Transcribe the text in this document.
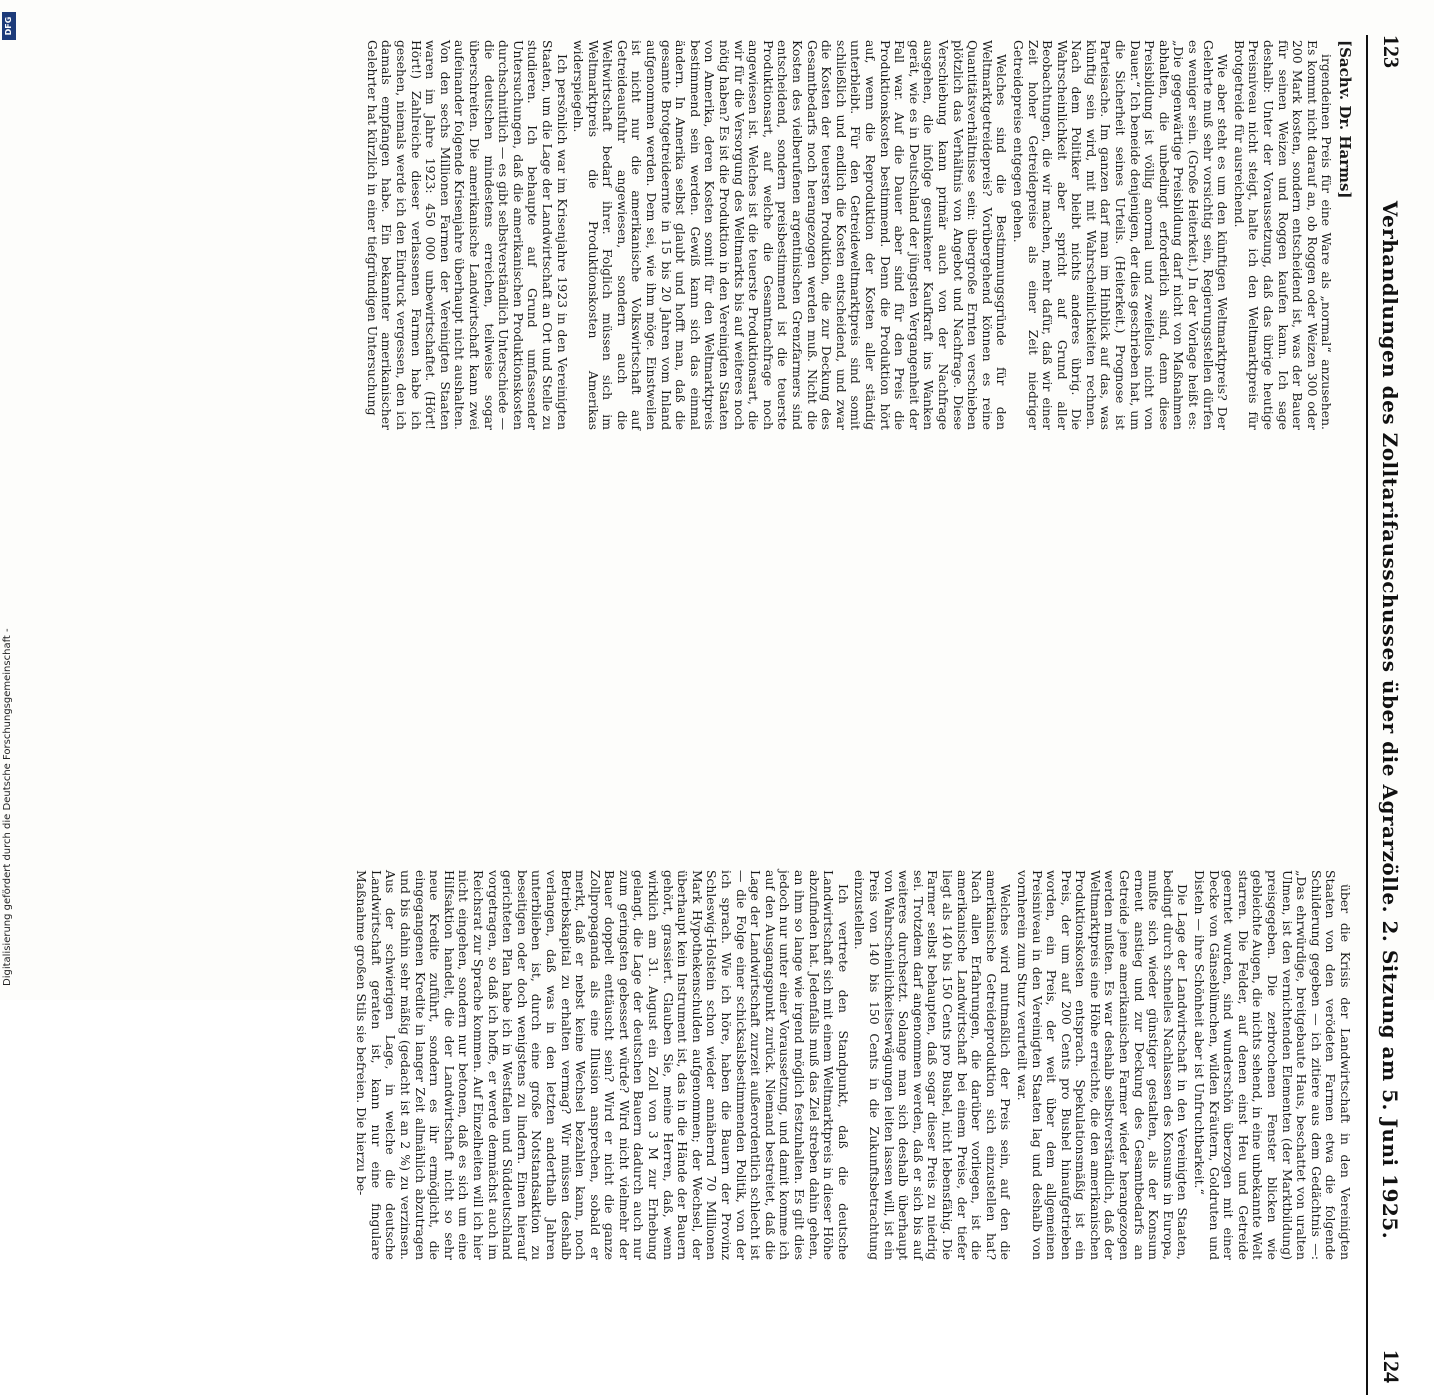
123
Verhandlungen des Zolltarifausschusses über die Agrarzölle. 2. Sitzung am 5. Juni 1925.
124
[Sachv. Dr. Harms]

irgendeinen Preis für eine Ware als „normal“ anzusehen. Es kommt nicht darauf an, ob Roggen oder Weizen 300 oder 200 Mark kosten, sondern entscheidend ist, was der Bauer für seinen Weizen und Roggen kaufen kann. Ich sage deshalb: Unter der Voraussetzung, daß das übrige heutige Preisniveau nicht steigt, halte ich den Weltmarktpreis für Brotgetreide für ausreichend.

Wie aber steht es um den künftigen Weltmarktpreis? Der Gelehrte muß sehr vorsichtig sein, Regierungsstellen dürfen es weniger sein. (Große Heiterkeit.) In der Vorlage heißt es: „Die gegenwärtige Preisbildung darf nicht von Maßnahmen abhalten, die unbedingt erforderlich sind, denn diese Preisbildung ist völlig anormal und zweifellos nicht von Dauer.“ Ich beneide denjenigen, der dies geschrieben hat, um die Sicherheit seines Urteils. (Heiterkeit.) Prognose ist Parteisache. Im ganzen darf man im Hinblick auf das, was künftig sein wird, mit mit Wahrscheinlichkeiten rechnen. Nach dem Politiker bleibt nichts anderes übrig. Die Wahrscheinlichkeit aber spricht auf Grund aller Beobachtungen, die wir machen, mehr dafür, daß wir einer Zeit hoher Getreidepreise als einer Zeit niedriger Getreidepreise entgegen gehen.

Welches sind die Bestimmungsgründe für den Weltmarktgetreidepreis? Vorübergehend können es reine Quantitätsverhältnisse sein: übergroße Ernten verschieben plötzlich das Verhältnis von Angebot und Nachfrage. Diese Verschiebung kann primär auch von der Nachfrage ausgehen, die infolge gesunkener Kaufkraft ins Wanken gerät, wie es in Deutschland der jüngsten Vergangenheit der Fall war. Auf die Dauer aber sind für den Preis die Produktionskosten bestimmend. Denn die Produktion hört auf, wenn die Reproduktion der Kosten aller ständig unterbleibt. Für den Getreideweltmarktpreis sind somit schließlich und endlich die Kosten entscheidend, und zwar die Kosten der teuersten Produktion, die zur Deckung des Gesamtbedarfs noch herangezogen werden muß. Nicht die Kosten des vielberufenen argentinischen Grenzfarmers sind entscheidend, sondern preisbestimmend ist die teuerste Produktionsart, auf welche die Gesamtnachfrage noch angewiesen ist. Welches ist die teuerste Produktionsart, die wir für die Versorgung des Weltmarkts bis auf weiteres noch nötig haben? Es ist die Produktion in den Vereinigten Staaten von Amerika, deren Kosten somit für den Weltmarktpreis bestimmend sein werden. Gewiß kann sich das einmal ändern. In Amerika selbst glaubt und hofft man, daß die gesamte Brotgetreideernte in 15 bis 20 Jahren vom Inland aufgenommen werden. Dem sei, wie ihm möge. Einstweilen ist nicht nur die amerikanische Volkswirtschaft auf Getreideausfuhr angewiesen, sondern auch die Weltwirtschaft bedarf ihrer. Folglich müssen sich im Weltmarktpreis die Produktionskosten Amerikas widerspiegeln.

Ich persönlich war im Krisenjahre 1923 in den Vereinigten Staaten, um die Lage der Landwirtschaft an Ort und Stelle zu studieren. Ich behaupte auf Grund umfassender Untersuchungen, daß die amerikanischen Produktionskosten durchschnittlich — es gibt selbstverständlich Unterschiede — die deutschen mindestens erreichen, teilweise sogar überschreiten. Die amerikanische Landwirtschaft kann zwei aufeinander folgende Krisenjahre überhaupt nicht aushalten. Von den sechs Millionen Farmen der Vereinigten Staaten waren im Jahre 1923: 450 000 unbewirtschaftet. (Hört! Hört!) Zahlreiche dieser verlassenen Farmen habe ich gesehen, niemals werde ich den Eindruck vergessen, den ich damals empfangen habe. Ein bekannter amerikanischer Gelehrter hat kürzlich in einer tiefgründigen Untersuchung

über die Krisis der Landwirtschaft in den Vereinigten Staaten von den verödeten Farmen etwa die folgende Schilderung gegeben — ich zitiere aus dem Gedächtnis —: „Das ehrwürdige, breitgebaute Haus, beschattet von uralten Ulmen, ist den vernichtenden Elementen (der Marktbildung) preisgegeben. Die zerbrochenen Fenster blicken wie gebleichte Augen, die nichts sehend, in eine unbekannte Welt starren. Die Felder, auf denen einst Heu und Getreide geerntet wurden, sind wunderschön überzogen mit einer Decke von Gänseblümchen, wilden Kräutern, Goldruten und Disteln — ihre Schönheit aber ist Unfruchtbarkeit.“

Die Lage der Landwirtschaft in den Vereinigten Staaten, bedingt durch schnelles Nachlassen des Konsums in Europa, mußte sich wieder günstiger gestalten, als der Konsum erneut anstieg und zur Deckung des Gesamtbedarfs an Getreide jene amerikanischen Farmer wieder herangezogen werden mußten. Es war deshalb selbstverständlich, daß der Weltmarktpreis eine Höhe erreichte, die den amerikanischen Produktionskosten entsprach. Spekulationsmäßig ist ein Preis, der um auf 200 Cents pro Bushel hinaufgetrieben worden, ein Preis, der weit über dem allgemeinen Preisniveau in den Vereinigten Staaten lag und deshalb von vornherein zum Sturz verurteilt war.

Welches wird mutmaßlich der Preis sein, auf den die amerikanische Getreideproduktion sich einzustellen hat? Nach allen Erfahrungen, die darüber vorliegen, ist die amerikanische Landwirtschaft bei einem Preise, der tiefer liegt als 140 bis 150 Cents pro Bushel, nicht lebensfähig. Die Farmer selbst behaupten, daß sogar dieser Preis zu niedrig sei. Trotzdem darf angenommen werden, daß er sich bis auf weiteres durchsetzt. Solange man sich deshalb überhaupt von Wahrscheinlichkeitserwägungen leiten lassen will, ist ein Preis von 140 bis 150 Cents in die Zukunftsbetrachtung einzustellen.

Ich vertrete den Standpunkt, daß die deutsche Landwirtschaft sich mit einem Weltmarktpreis in dieser Höhe abzufinden hat. Jedenfalls muß das Ziel streben dahin gehen, an ihm so lange wie irgend möglich festzuhalten. Es gilt dies jedoch nur unter einer Voraussetzung, und damit komme ich auf den Ausgangspunkt zurück. Niemand bestreitet, daß die Lage der Landwirtschaft zurzeit außerordentlich schlecht ist — die Folge einer schicksalsbestimmenden Politik, von der ich sprach. Wie ich höre, haben die Bauern der Provinz Schleswig-Holstein schon wieder annähernd 70 Millionen Mark Hypothekenschulden aufgenommen; der Wechsel, der überhaupt kein Instrument ist, das in die Hände der Bauern gehört, grassiert. Glauben Sie, meine Herren, daß, wenn wirklich am 31. August ein Zoll von 3 M zur Erhebung gelangt, die Lage der deutschen Bauern dadurch auch nur zum geringsten gebessert würde? Wird nicht vielmehr der Bauer doppelt enttäuscht sein? Wird er nicht die ganze Zollpropaganda als eine Illusion ansprechen, sobald er merkt, daß er nebst keine Wechsel bezahlen kann, noch Betriebskapital zu erhalten vermag? Wir müssen deshalb verlangen, daß was in den letzten anderthalb Jahren unterblieben ist, durch eine große Notstandsaktion zu beseitigen oder doch wenigstens zu lindern. Einen hierauf gerichteten Plan habe ich in Westfalen und Süddeutschland vorgetragen, so daß ich hoffe, er werde demnächst auch im Reichsrat zur Sprache kommen. Auf Einzelheiten will ich hier nicht eingehen, sondern nur betonen, daß es sich um eine Hilfsaktion handelt, die der Landwirtschaft nicht so sehr neue Kredite zuführt, sondern es ihr ermöglicht, die eingegangenen Kredite in langer Zeit allmählich abzutragen und bis dahin sehr mäßig (gedacht ist an 2 %) zu verzinsen. Aus der schwierigen Lage, in welche die deutsche Landwirtschaft geraten ist, kann nur eine fingulare Maßnahme großen Stils sie befreien. Die hierzu be-

Digitalisierung gefördert durch die Deutsche Forschungsgemeinschaft -
DFG
